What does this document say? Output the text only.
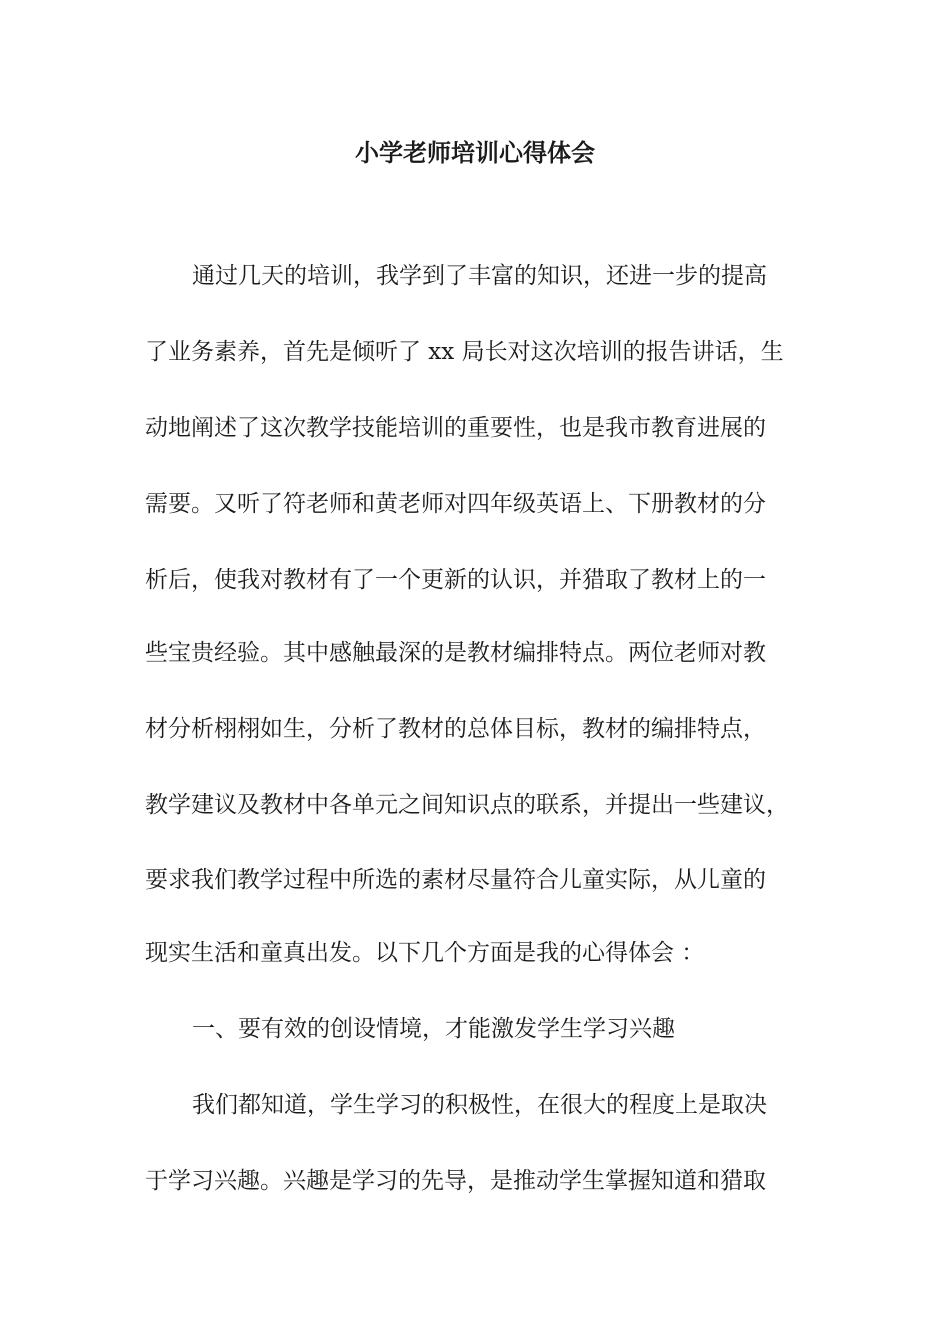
小学老师培训心得体会

通过几天的培训，我学到了丰富的知识，还进一步的提高

了业务素养，首先是倾听了 xx 局长对这次培训的报告讲话，生

动地阐述了这次教学技能培训的重要性，也是我市教育进展的

需要。又听了符老师和黄老师对四年级英语上、下册教材的分

析后，使我对教材有了一个更新的认识，并猎取了教材上的一

些宝贵经验。其中感触最深的是教材编排特点。两位老师对教

材分析栩栩如生，分析了教材的总体目标，教材的编排特点，

教学建议及教材中各单元之间知识点的联系，并提出一些建议，

要求我们教学过程中所选的素材尽量符合儿童实际，从儿童的

现实生活和童真出发。以下几个方面是我的心得体会 ：

一、要有效的创设情境，才能激发学生学习兴趣

我们都知道，学生学习的积极性，在很大的程度上是取决

于学习兴趣。兴趣是学习的先导，是推动学生掌握知道和猎取
